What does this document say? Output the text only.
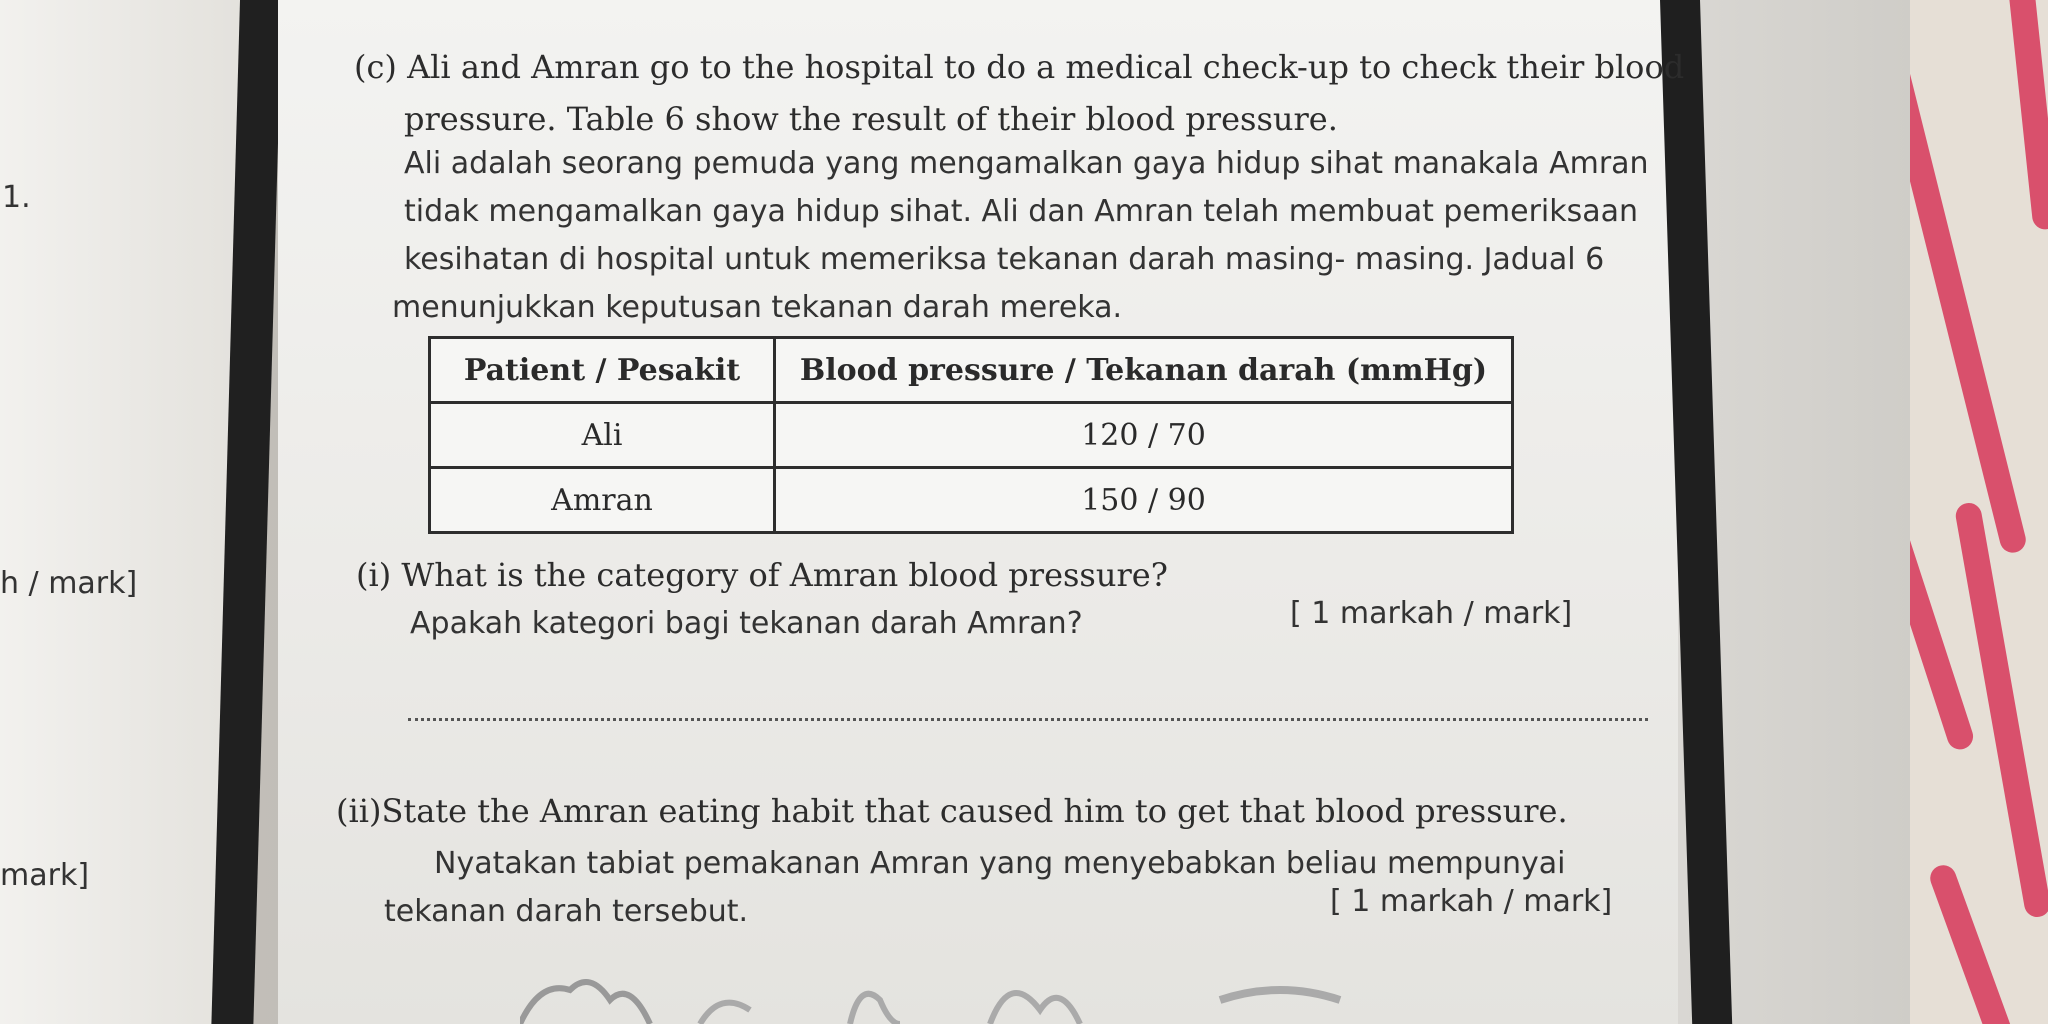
1.
h / mark]
mark]
(c) Ali and Amran go to the hospital to do a medical check-up to check their blood
pressure. Table 6 show the result of their blood pressure.
Ali adalah seorang pemuda yang mengamalkan gaya hidup sihat manakala Amran
tidak mengamalkan gaya hidup sihat. Ali dan Amran telah membuat pemeriksaan
kesihatan di hospital untuk memeriksa tekanan darah masing- masing. Jadual 6
menunjukkan keputusan tekanan darah mereka.
Patient / Pesakit	Blood pressure / Tekanan darah (mmHg)
Ali	120 / 70
Amran	150 / 90
(i) What is the category of Amran blood pressure?
Apakah kategori bagi tekanan darah Amran?	[ 1 markah / mark]
(ii)State the Amran eating habit that caused him to get that blood pressure.
Nyatakan tabiat pemakanan Amran yang menyebabkan beliau mempunyai
tekanan darah tersebut.	[ 1 markah / mark]
